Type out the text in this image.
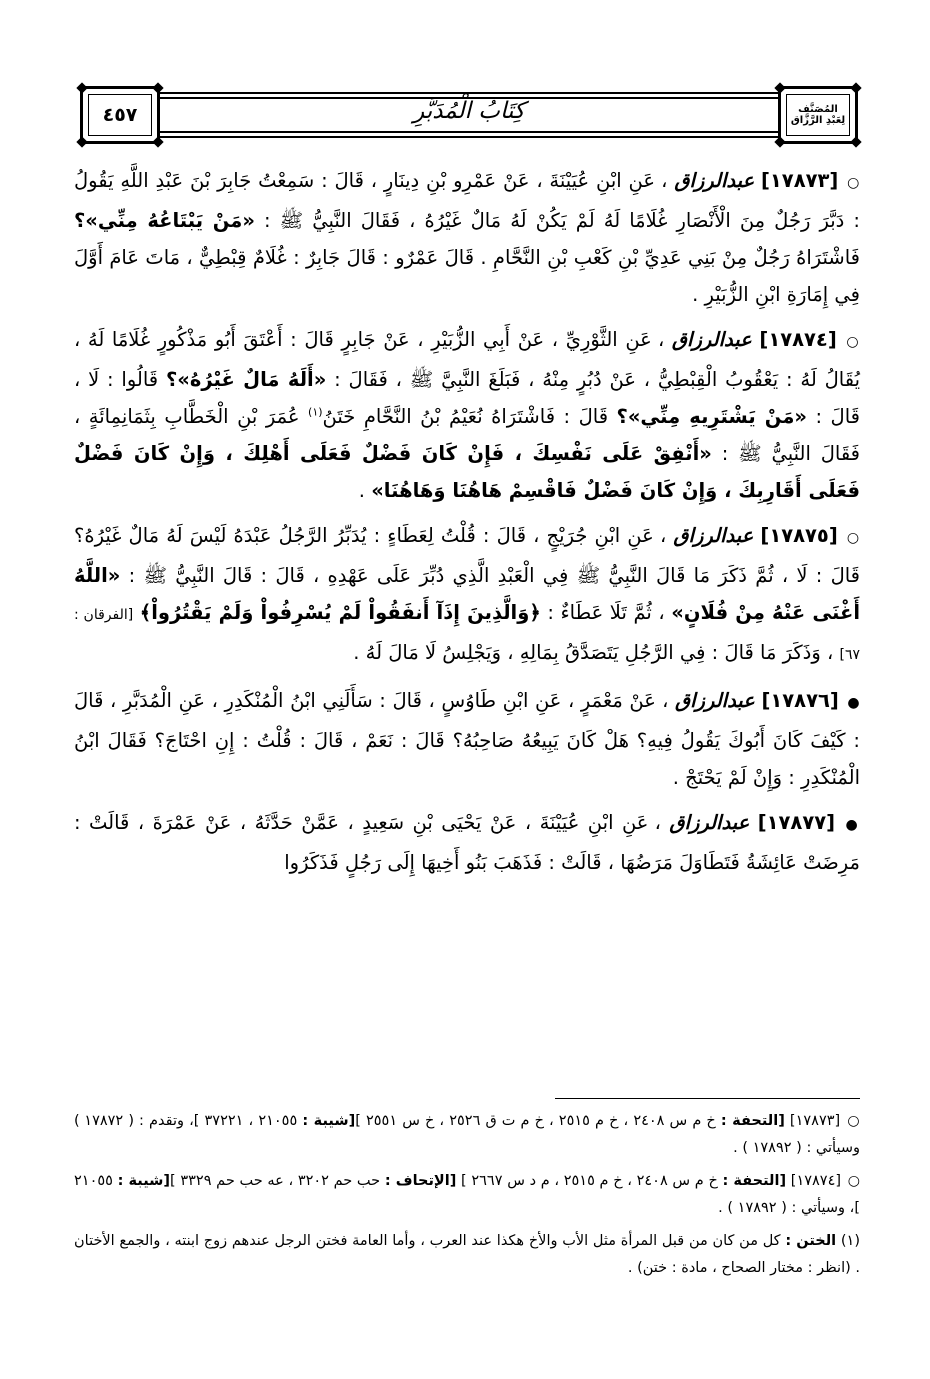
المُصَنَّف لِعَبْدِ الرَّزَّاق
كِتَابُ الْمُدَبَّرِ
٤٥٧

○ [١٧٨٧٣] عبدالرزاق ، عَنِ ابْنِ عُيَيْنَةَ ، عَنْ عَمْرِو بْنِ دِينَارٍ ، قَالَ : سَمِعْتُ جَابِرَ بْنَ عَبْدِ اللَّهِ يَقُولُ : دَبَّرَ رَجُلٌ مِنَ الْأَنْصَارِ غُلَامًا لَهُ لَمْ يَكُنْ لَهُ مَالٌ غَيْرُهُ ، فَقَالَ النَّبِيُّ ﷺ : «مَنْ يَبْتَاعُهُ مِنِّي»؟ فَاشْتَرَاهُ رَجُلٌ مِنْ بَنِي عَدِيِّ بْنِ كَعْبِ بْنِ النَّحَّامِ . قَالَ عَمْرٌو : قَالَ جَابِرٌ : غُلَامٌ قِبْطِيٌّ ، مَاتَ عَامَ أَوَّلَ فِي إِمَارَةِ ابْنِ الزُّبَيْرِ .

○ [١٧٨٧٤] عبدالرزاق ، عَنِ الثَّوْرِيِّ ، عَنْ أَبِي الزُّبَيْرِ ، عَنْ جَابِرٍ قَالَ : أَعْتَقَ أَبُو مَذْكُورٍ غُلَامًا لَهُ ، يُقَالُ لَهُ : يَعْقُوبُ الْقِبْطِيُّ ، عَنْ دُبُرٍ مِنْهُ ، فَبَلَغَ النَّبِيَّ ﷺ ، فَقَالَ : «أَلَهُ مَالٌ غَيْرُهُ»؟ قَالُوا : لَا ، قَالَ : «مَنْ يَشْتَرِيهِ مِنِّي»؟ قَالَ : فَاشْتَرَاهُ نُعَيْمُ بْنُ النَّحَّامِ خَتَنُ$^{(١)}$ عُمَرَ بْنِ الْخَطَّابِ بِثَمَانِمِائَةٍ ، فَقَالَ النَّبِيُّ ﷺ : «أَنْفِقْ عَلَى نَفْسِكَ ، فَإِنْ كَانَ فَضْلٌ فَعَلَى أَهْلِكَ ، وَإِنْ كَانَ فَضْلٌ فَعَلَى أَقَارِبِكَ ، وَإِنْ كَانَ فَضْلٌ فَاقْسِمْ هَاهُنَا وَهَاهُنَا» .

○ [١٧٨٧٥] عبدالرزاق ، عَنِ ابْنِ جُرَيْجٍ ، قَالَ : قُلْتُ لِعَطَاءٍ : يُدَبِّرُ الرَّجُلُ عَبْدَهُ لَيْسَ لَهُ مَالٌ غَيْرُهُ؟ قَالَ : لَا ، ثُمَّ ذَكَرَ مَا قَالَ النَّبِيُّ ﷺ فِي الْعَبْدِ الَّذِي دُبِّرَ عَلَى عَهْدِهِ ، قَالَ : قَالَ النَّبِيُّ ﷺ : «اللَّهُ أَغْنَى عَنْهُ مِنْ فُلَانٍ» ، ثُمَّ تَلَا عَطَاءٌ : ﴿وَالَّذِينَ إِذَآ أَنفَقُواْ لَمْ يُسْرِفُواْ وَلَمْ يَقْتُرُواْ﴾ [الفرقان : ٦٧] ، وَذَكَرَ مَا قَالَ : فِي الرَّجُلِ يَتَصَدَّقُ بِمَالِهِ ، وَيَجْلِسُ لَا مَالَ لَهُ .

● [١٧٨٧٦] عبدالرزاق ، عَنْ مَعْمَرٍ ، عَنِ ابْنِ طَاوُسٍ ، قَالَ : سَأَلَنِي ابْنُ الْمُنْكَدِرِ ، عَنِ الْمُدَبَّرِ ، قَالَ : كَيْفَ كَانَ أَبُوكَ يَقُولُ فِيهِ؟ هَلْ كَانَ يَبِيعُهُ صَاحِبُهُ؟ قَالَ : نَعَمْ ، قَالَ : قُلْتُ : إِنِ احْتَاجَ؟ فَقَالَ ابْنُ الْمُنْكَدِرِ : وَإِنْ لَمْ يَحْتَجْ .

● [١٧٨٧٧] عبدالرزاق ، عَنِ ابْنِ عُيَيْنَةَ ، عَنْ يَحْيَى بْنِ سَعِيدٍ ، عَمَّنْ حَدَّثَهُ ، عَنْ عَمْرَةَ ، قَالَتْ : مَرِضَتْ عَائِشَةُ فَتَطَاوَلَ مَرَضُهَا ، قَالَتْ : فَذَهَبَ بَنُو أَخِيهَا إِلَى رَجُلٍ فَذَكَرُوا

○ [١٧٨٧٣] [التحفة : خ م س ٢٤٠٨ ، خ م ٢٥١٥ ، خ م ت ق ٢٥٢٦ ، خ س ٢٥٥١ ][شيبة : ٢١٠٥٥ ، ٣٧٢٢١ ]، وتقدم : ( ١٧٨٧٢ ) وسيأتي : ( ١٧٨٩٢ ) .

○ [١٧٨٧٤] [التحفة : خ م س ٢٤٠٨ ، خ م ٢٥١٥ ، م د س ٢٦٦٧ ] [الإتحاف : حب حم ٣٢٠٢ ، عه حب حم ٣٣٢٩ ][شيبة : ٢١٠٥٥ ]، وسيأتي : ( ١٧٨٩٢ ) .

(١) الختن : كل من كان من قبل المرأة مثل الأب والأخ هكذا عند العرب ، وأما العامة فختن الرجل عندهم زوج ابنته ، والجمع الأختان . (انظر : مختار الصحاح ، مادة : ختن) .
